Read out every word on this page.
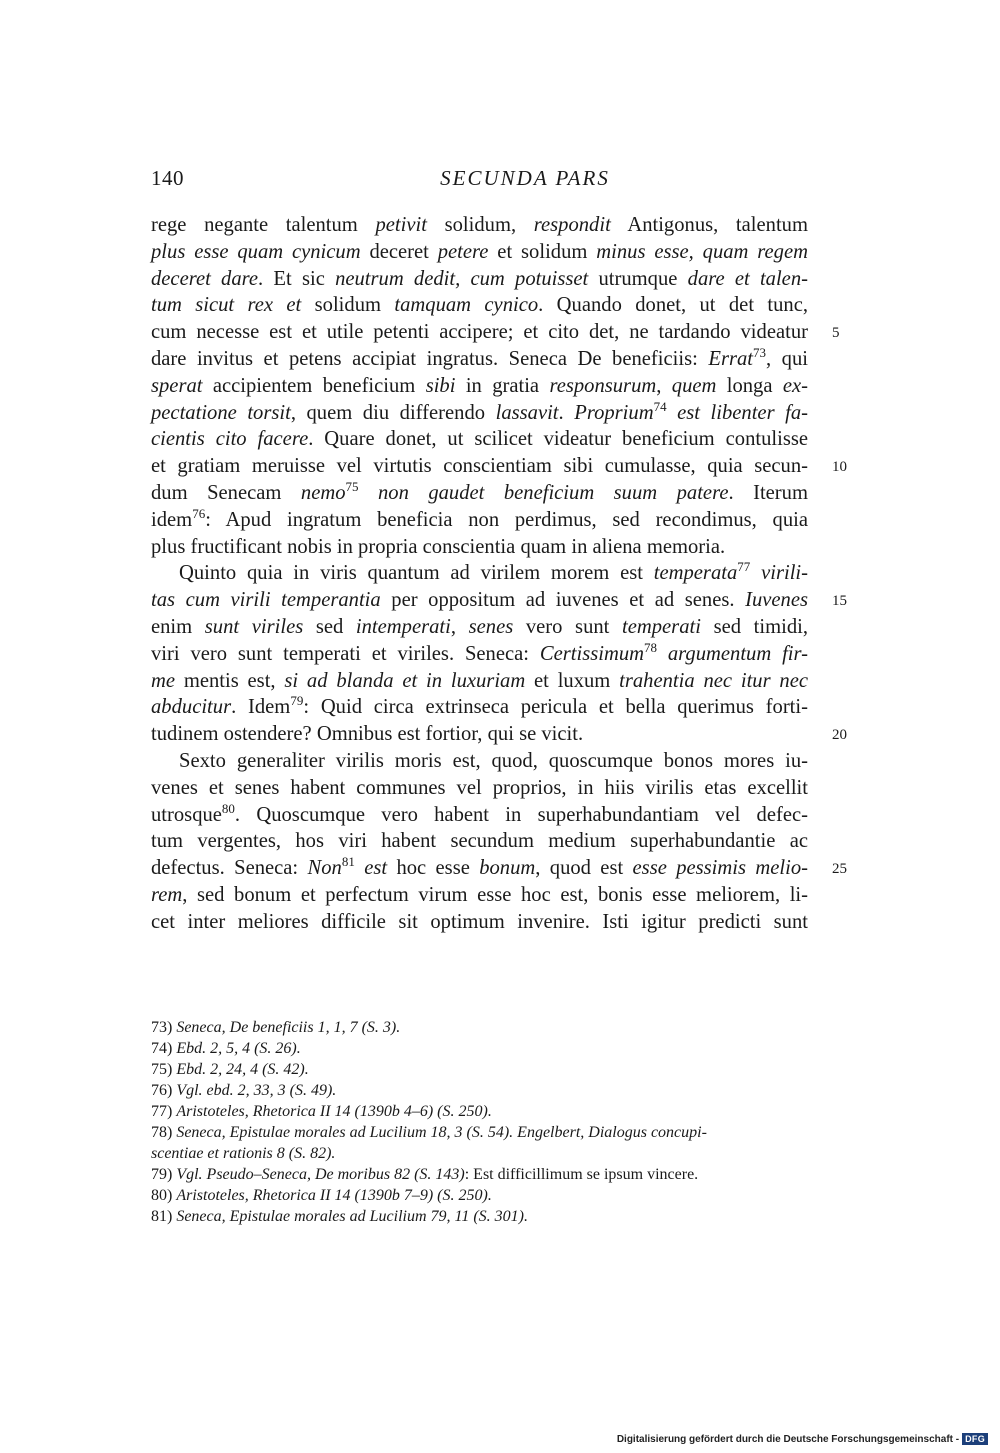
140	SECUNDA PARS
rege negante talentum petivit solidum, respondit Antigonus, talentum
plus esse quam cynicum deceret petere et solidum minus esse, quam regem
deceret dare. Et sic neutrum dedit, cum potuisset utrumque dare et talen-
tum sicut rex et solidum tamquam cynico. Quando donet, ut det tunc,
cum necesse est et utile petenti accipere; et cito det, ne tardando videatur 5
dare invitus et petens accipiat ingratus. Seneca De beneficiis: Errat$^{73}$, qui
sperat accipientem beneficium sibi in gratia responsurum, quem longa ex-
pectatione torsit, quem diu differendo lassavit. Proprium$^{74}$ est libenter fa-
cientis cito facere. Quare donet, ut scilicet videatur beneficium contulisse
et gratiam meruisse vel virtutis conscientiam sibi cumulasse, quia secun- 10
dum Senecam nemo$^{75}$ non gaudet beneficium suum patere. Iterum
idem$^{76}$: Apud ingratum beneficia non perdimus, sed recondimus, quia
plus fructificant nobis in propria conscientia quam in aliena memoria.
Quinto quia in viris quantum ad virilem morem est temperata$^{77}$ virili-
tas cum virili temperantia per oppositum ad iuvenes et ad senes. Iuvenes 15
enim sunt viriles sed intemperati, senes vero sunt temperati sed timidi,
viri vero sunt temperati et viriles. Seneca: Certissimum$^{78}$ argumentum fir-
me mentis est, si ad blanda et in luxuriam et luxum trahentia nec itur nec
abducitur. Idem$^{79}$: Quid circa extrinseca pericula et bella querimus forti-
tudinem ostendere? Omnibus est fortior, qui se vicit.	20
Sexto generaliter virilis moris est, quod, quoscumque bonos mores iu-
venes et senes habent communes vel proprios, in hiis virilis etas excellit
utrosque$^{80}$. Quoscumque vero habent in superhabundantiam vel defec-
tum vergentes, hos viri habent secundum medium superhabundantie ac
defectus. Seneca: Non$^{81}$ est hoc esse bonum, quod est esse pessimis melio- 25
rem, sed bonum et perfectum virum esse hoc est, bonis esse meliorem, li-
cet inter meliores difficile sit optimum invenire. Isti igitur predicti sunt
73) Seneca, De beneficiis 1, 1, 7 (S. 3).
74) Ebd. 2, 5, 4 (S. 26).
75) Ebd. 2, 24, 4 (S. 42).
76) Vgl. ebd. 2, 33, 3 (S. 49).
77) Aristoteles, Rhetorica II 14 (1390b 4–6) (S. 250).
78) Seneca, Epistulae morales ad Lucilium 18, 3 (S. 54). Engelbert, Dialogus concupi-
scentiae et rationis 8 (S. 82).
79) Vgl. Pseudo–Seneca, De moribus 82 (S. 143): Est difficillimum se ipsum vincere.
80) Aristoteles, Rhetorica II 14 (1390b 7–9) (S. 250).
81) Seneca, Epistulae morales ad Lucilium 79, 11 (S. 301).
Digitalisierung gefördert durch die Deutsche Forschungsgemeinschaft - DFG
